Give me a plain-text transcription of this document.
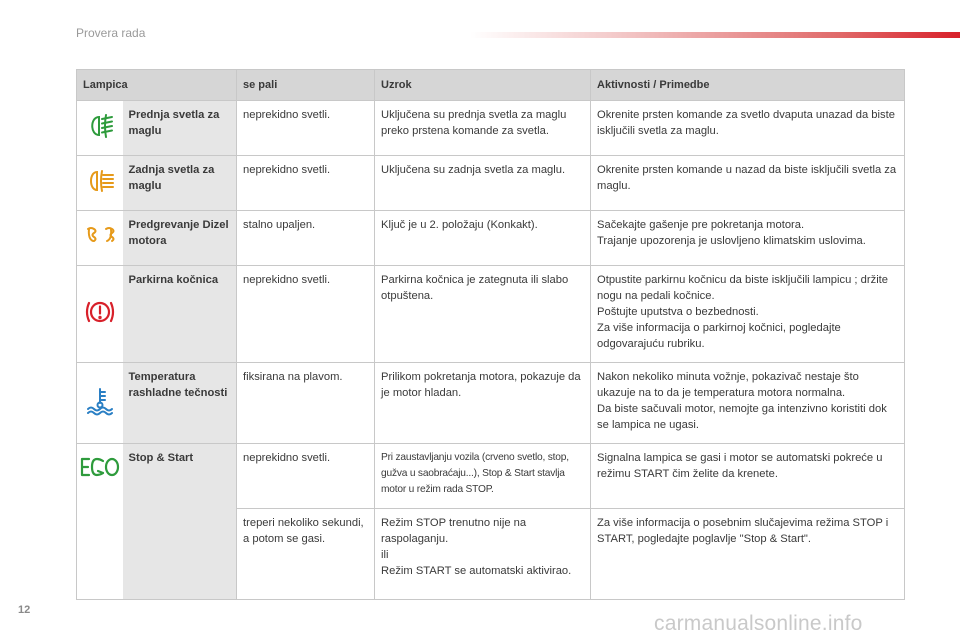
Provera rada
Lampica		se pali	Uzrok	Aktivnosti / Primedbe
	Prednja svetla za maglu	neprekidno svetli.	Uključena su prednja svetla za maglu preko prstena komande za svetla.	Okrenite prsten komande za svetlo dvaputa unazad da biste isključili svetla za maglu.
	Zadnja svetla za maglu	neprekidno svetli.	Uključena su zadnja svetla za maglu.	Okrenite prsten komande u nazad da biste isključili svetla za maglu.
	Predgrevanje Dizel motora	stalno upaljen.	Ključ je u 2. položaju (Konkakt).	Sačekajte gašenje pre pokretanja motora.
Trajanje upozorenja je uslovljeno klimatskim uslovima.
	Parkirna kočnica	neprekidno svetli.	Parkirna kočnica je zategnuta ili slabo otpuštena.	Otpustite parkirnu kočnicu da biste isključili lampicu ; držite nogu na pedali kočnice.
Poštujte uputstva o bezbednosti.
Za više informacija o parkirnoj kočnici, pogledajte odgovarajuću rubriku.
	Temperatura rashladne tečnosti	fiksirana na plavom.	Prilikom pokretanja motora, pokazuje da je motor hladan.	Nakon nekoliko minuta vožnje, pokazivač nestaje što ukazuje na to da je temperatura motora normalna.
Da biste sačuvali motor, nemojte ga intenzivno koristiti dok se lampica ne ugasi.
	Stop & Start	neprekidno svetli.	Pri zaustavljanju vozila (crveno svetlo, stop, gužva u saobraćaju...), Stop & Start stavlja motor u režim rada STOP.	Signalna lampica se gasi i motor se automatski pokreće u režimu START čim želite da krenete.
		treperi nekoliko sekundi, a potom se gasi.	Režim STOP trenutno nije na raspolaganju.
ili
Režim START se automatski aktivirao.	Za više informacija o posebnim slučajevima režima STOP i START, pogledajte poglavlje "Stop & Start".
12
carmanualsonline.info
